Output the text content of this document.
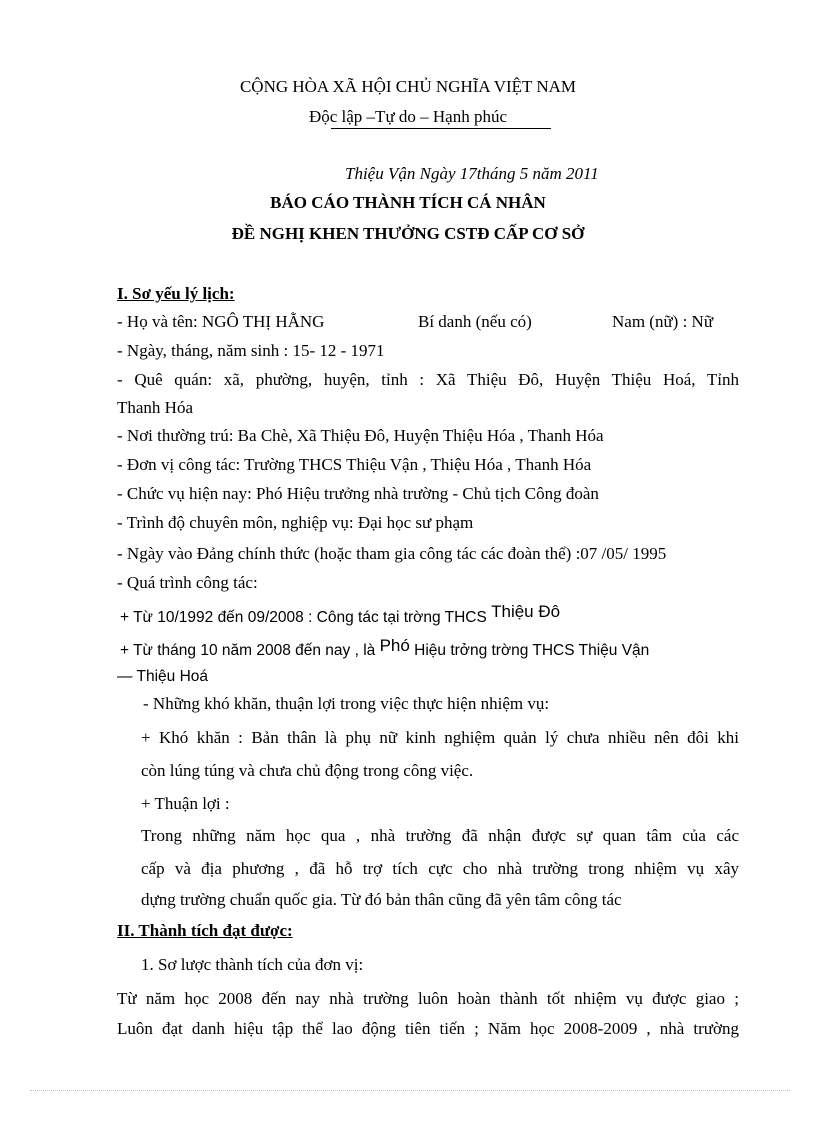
CỘNG HÒA XÃ HỘI CHỦ NGHĨA VIỆT NAM
Độc lập –Tự do – Hạnh phúc
Thiệu Vận Ngày 17tháng 5 năm 2011
BÁO CÁO THÀNH TÍCH CÁ NHÂN
ĐỀ NGHỊ KHEN THƯỞNG CSTĐ CẤP CƠ SỞ
I. Sơ yếu lý lịch:
- Họ và tên: NGÔ THỊ HẰNG	Bí danh (nếu có)	Nam (nữ) : Nữ
- Ngày, tháng, năm sinh : 15- 12 - 1971
- Quê quán: xã, phường, huyện, tỉnh : Xã Thiệu Đô, Huyện Thiệu Hoá, Tỉnh
Thanh Hóa
- Nơi thường trú: Ba Chè, Xã Thiệu Đô, Huyện Thiệu Hóa , Thanh Hóa
- Đơn vị công tác: Trường THCS Thiệu Vận , Thiệu Hóa , Thanh Hóa
- Chức vụ hiện nay: Phó Hiệu trưởng nhà trường - Chủ tịch Công đoàn
- Trình độ chuyên môn, nghiệp vụ: Đại học sư phạm
- Ngày vào Đảng chính thức (hoặc tham gia công tác các đoàn thể) :07 /05/ 1995
- Quá trình công tác:
+ Từ 10/1992 đến 09/2008 : Công tác tại trờng THCS Thiệu Đô
+ Từ tháng 10 năm 2008 đến nay , là Phó Hiệu trởng trờng THCS Thiệu Vận
— Thiệu Hoá
- Những khó khăn, thuận lợi trong việc thực hiện nhiệm vụ:
+ Khó khăn : Bản thân là phụ nữ kinh nghiệm quản lý chưa nhiều nên đôi khi
còn lúng túng và chưa chủ động trong công việc.
+ Thuận lợi :
Trong những năm học qua , nhà trường đã nhận được sự quan tâm của các
cấp và địa phương , đã hỗ trợ tích cực cho nhà trường trong nhiệm vụ xây
dựng trường chuẩn quốc gia. Từ đó bản thân cũng đã yên tâm công tác
II. Thành tích đạt được:
1. Sơ lược thành tích của đơn vị:
Từ năm học 2008 đến nay nhà trường luôn hoàn thành tốt nhiệm vụ được giao ;
Luôn đạt danh hiệu tập thể lao động tiên tiến ; Năm học 2008-2009 , nhà trường
